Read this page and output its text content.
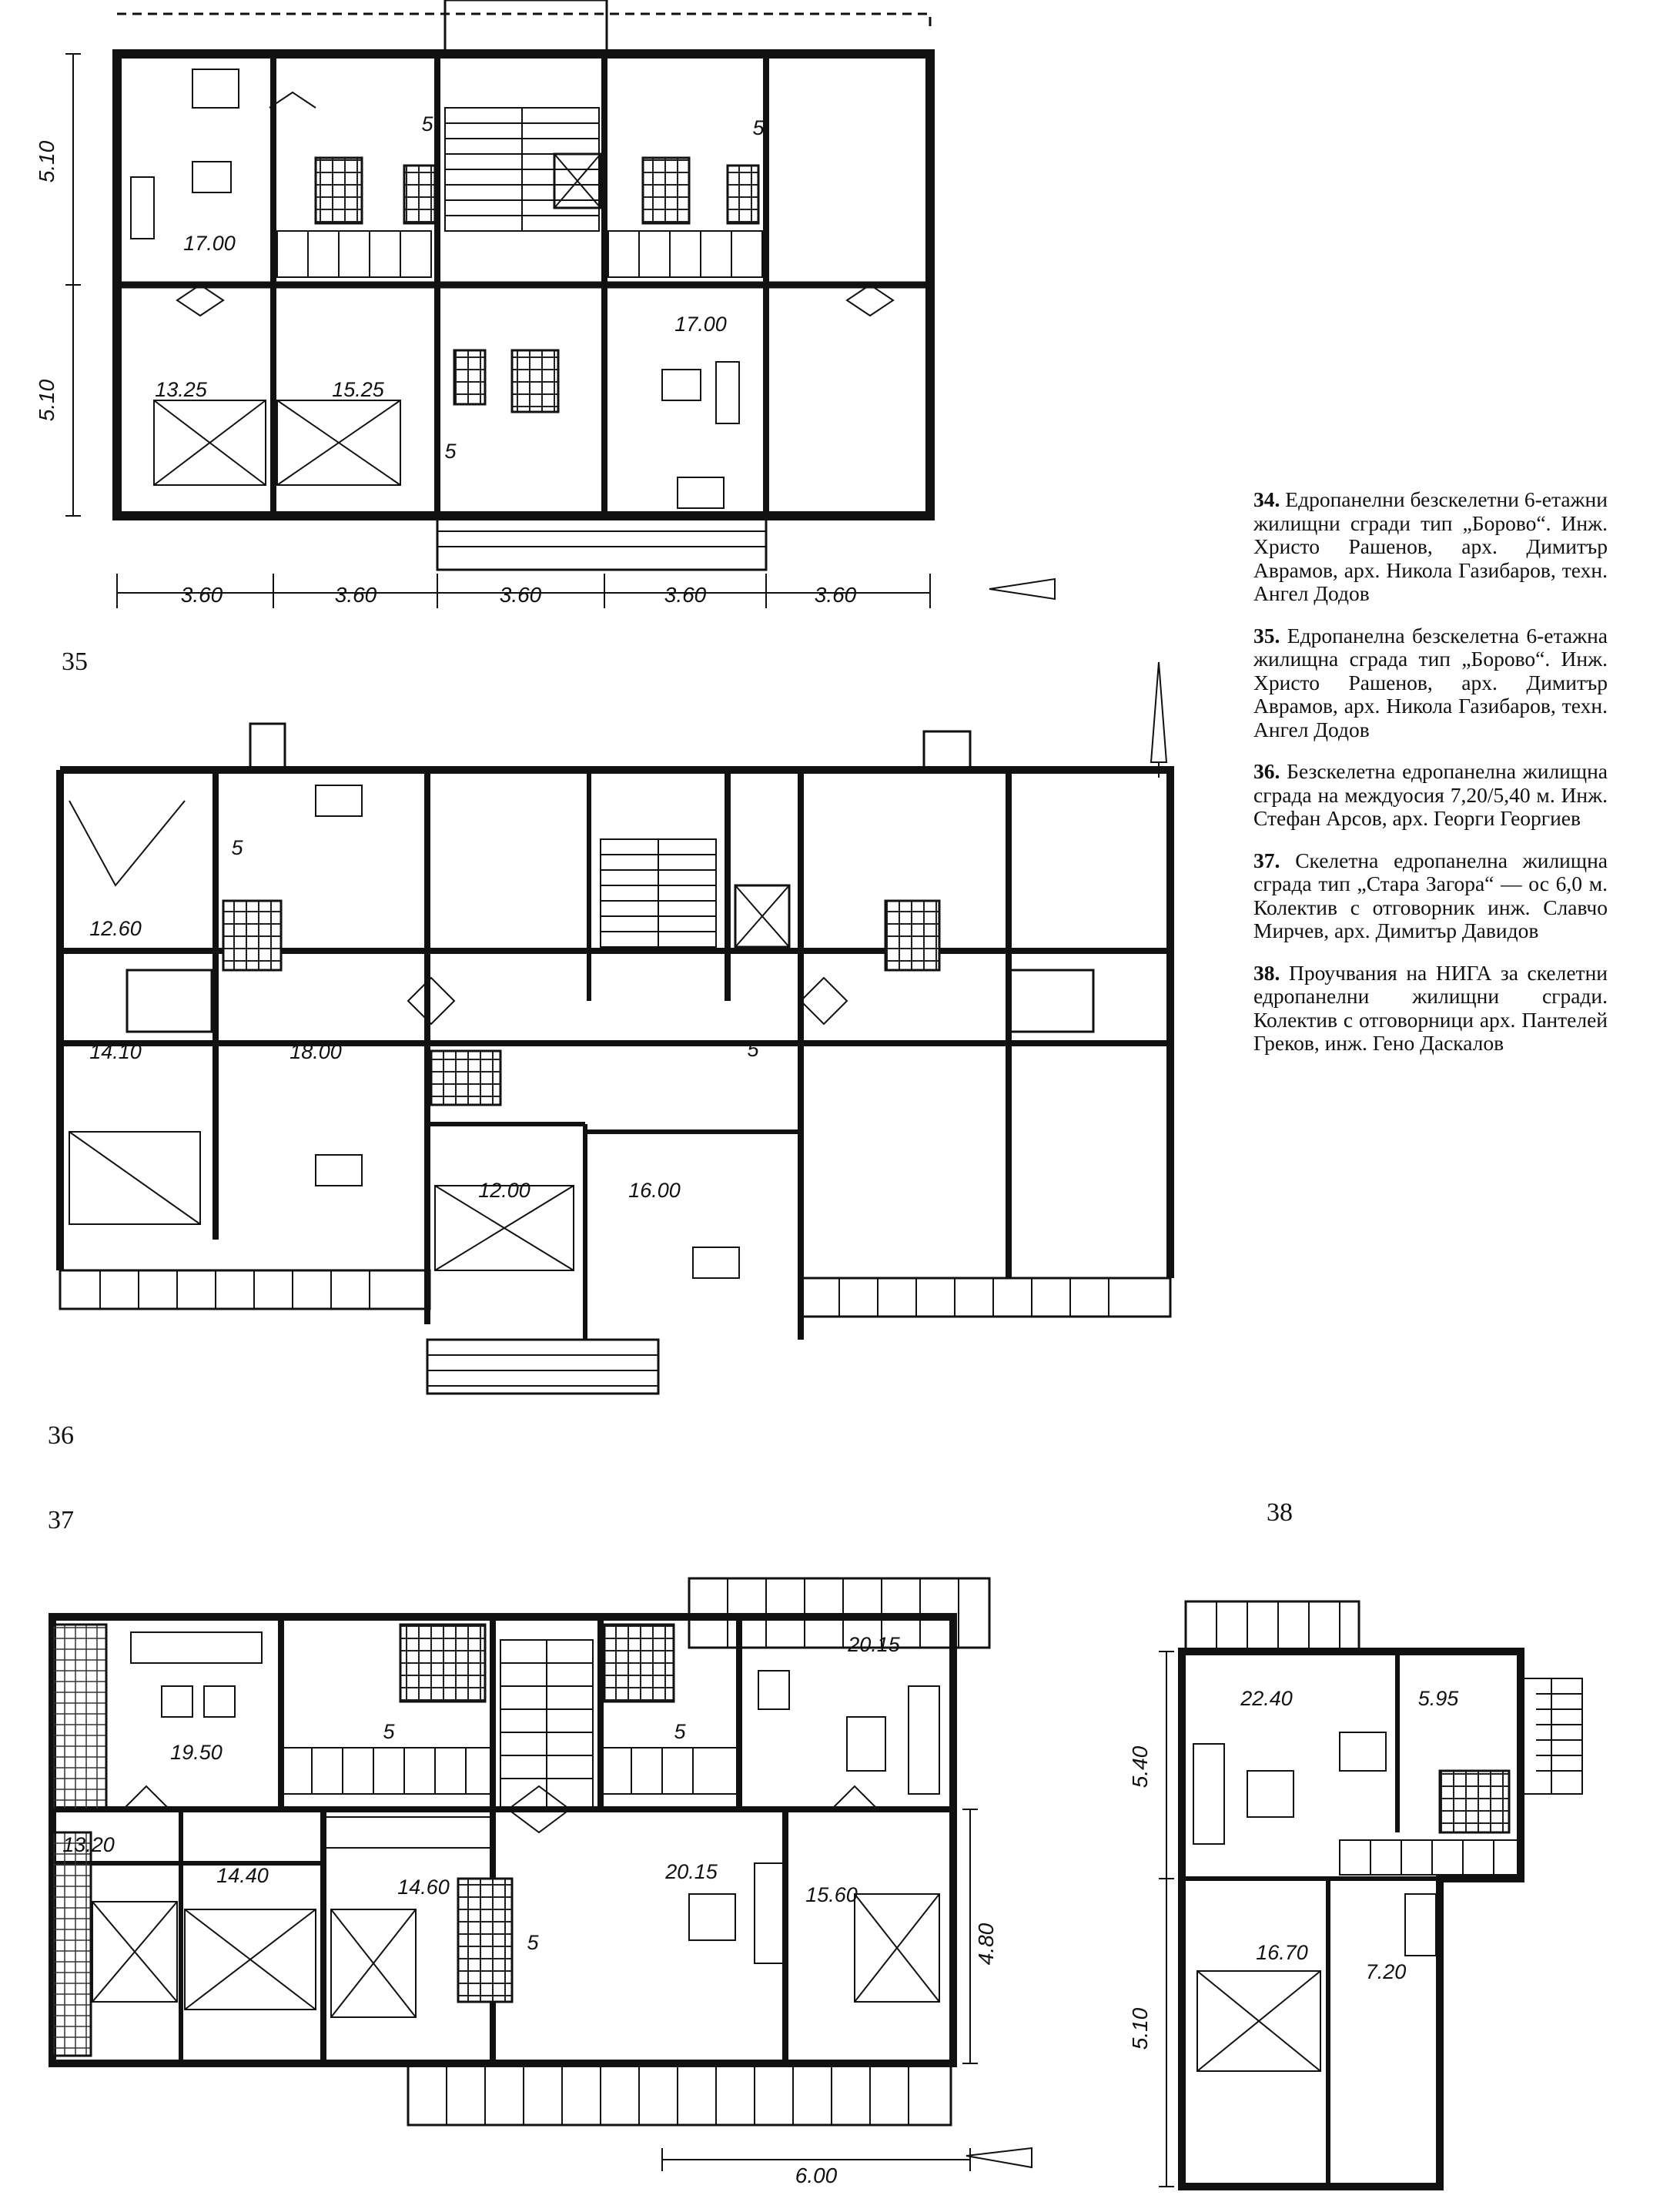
5.10
5.10
3.60	3.60	3.60	3.60	3.60
17.00
13.25	15.25
17.00
5	5
5
35
12.60
14.10	18.00
12.00	16.00
5
5
36
37	38
19.50
20.15
13.20
14.40	14.60
20.15
15.60
4.80
6.00
5	5
5
22.40	5.95
16.70
7.20
5.40
5.10

34. Едропанелни безскелетни 6-етажни жилищни сгради тип „Борово“. Инж. Христо Рашенов, арх. Димитър Аврамов, арх. Никола Газибаров, техн. Ангел Додов

35. Едропанелна безскелетна 6-етажна жилищна сграда тип „Борово“. Инж. Христо Рашенов, арх. Димитър Аврамов, арх. Никола Газибаров, техн. Ангел Додов

36. Безскелетна едропанелна жилищна сграда на междуосия 7,20/5,40 м. Инж. Стефан Арсов, арх. Георги Георгиев

37. Скелетна едропанелна жилищна сграда тип „Стара Загора“ — ос 6,0 м. Колектив с отговорник инж. Славчо Мирчев, арх. Димитър Давидов

38. Проучвания на НИГА за скелетни едропанелни жилищни сгради. Колектив с отговорници арх. Пантелей Греков, инж. Гено Даскалов
